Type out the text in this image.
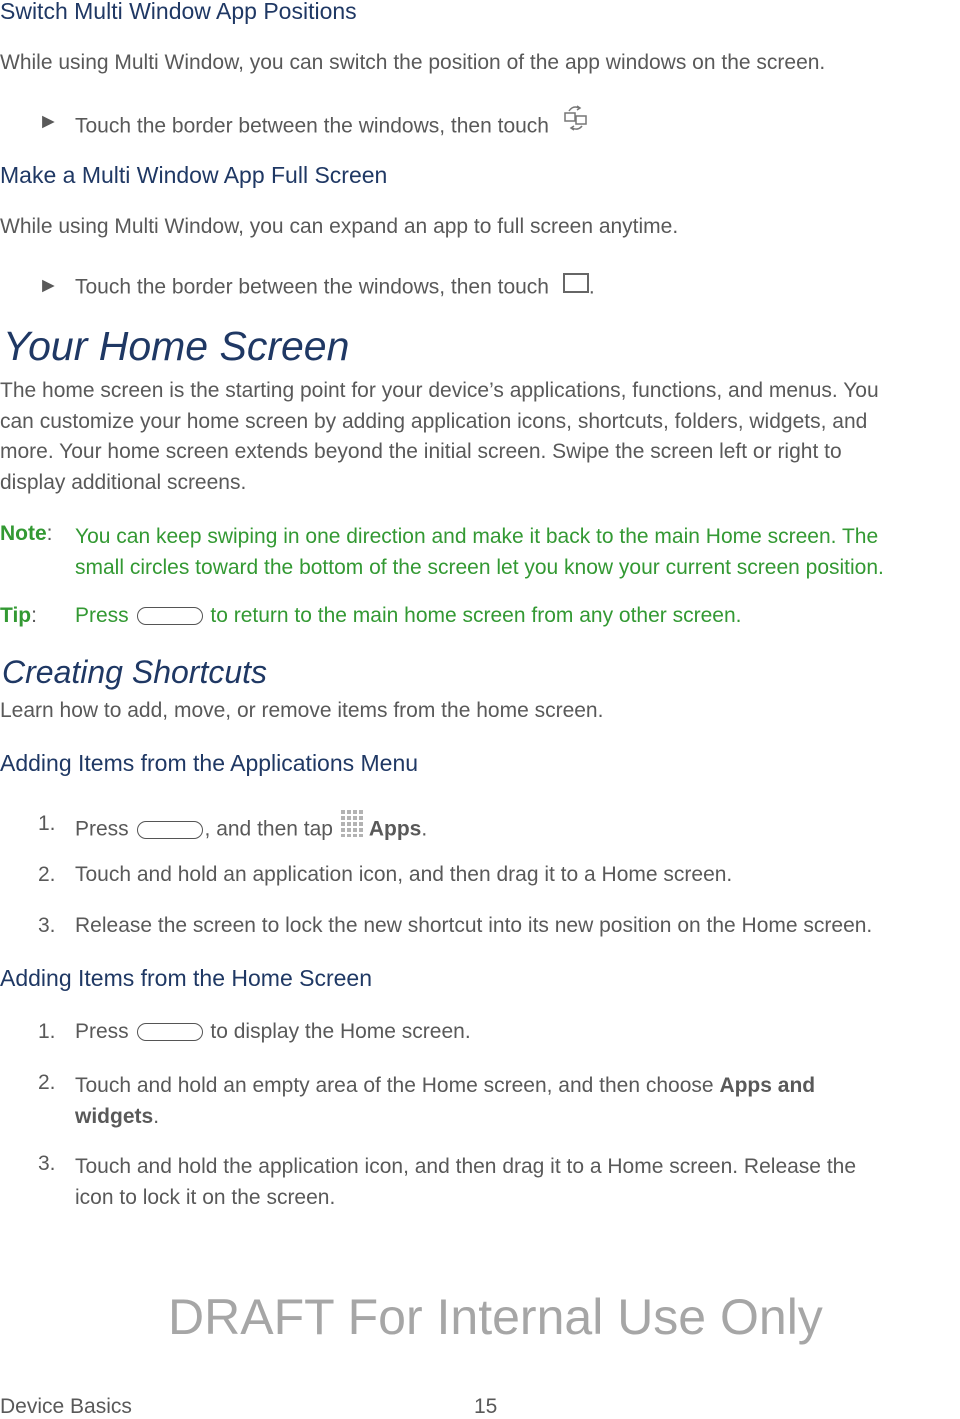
Switch Multi Window App Positions
While using Multi Window, you can switch the position of the app windows on the screen.
► Touch the border between the windows, then touch
Make a Multi Window App Full Screen
While using Multi Window, you can expand an app to full screen anytime.
► Touch the border between the windows, then touch .
Your Home Screen
The home screen is the starting point for your device’s applications, functions, and menus. You
can customize your home screen by adding application icons, shortcuts, folders, widgets, and
more. Your home screen extends beyond the initial screen. Swipe the screen left or right to
display additional screens.
Note: You can keep swiping in one direction and make it back to the main Home screen. The
small circles toward the bottom of the screen let you know your current screen position.
Tip: Press	to return to the main home screen from any other screen.
Creating Shortcuts
Learn how to add, move, or remove items from the home screen.
Adding Items from the Applications Menu
1. Press	, and then tap Apps.
2. Touch and hold an application icon, and then drag it to a Home screen.
3. Release the screen to lock the new shortcut into its new position on the Home screen.
Adding Items from the Home Screen
1. Press	to display the Home screen.
2. Touch and hold an empty area of the Home screen, and then choose Apps and
widgets.
3. Touch and hold the application icon, and then drag it to a Home screen. Release the
icon to lock it on the screen.
DRAFT For Internal Use Only
Device Basics	15
